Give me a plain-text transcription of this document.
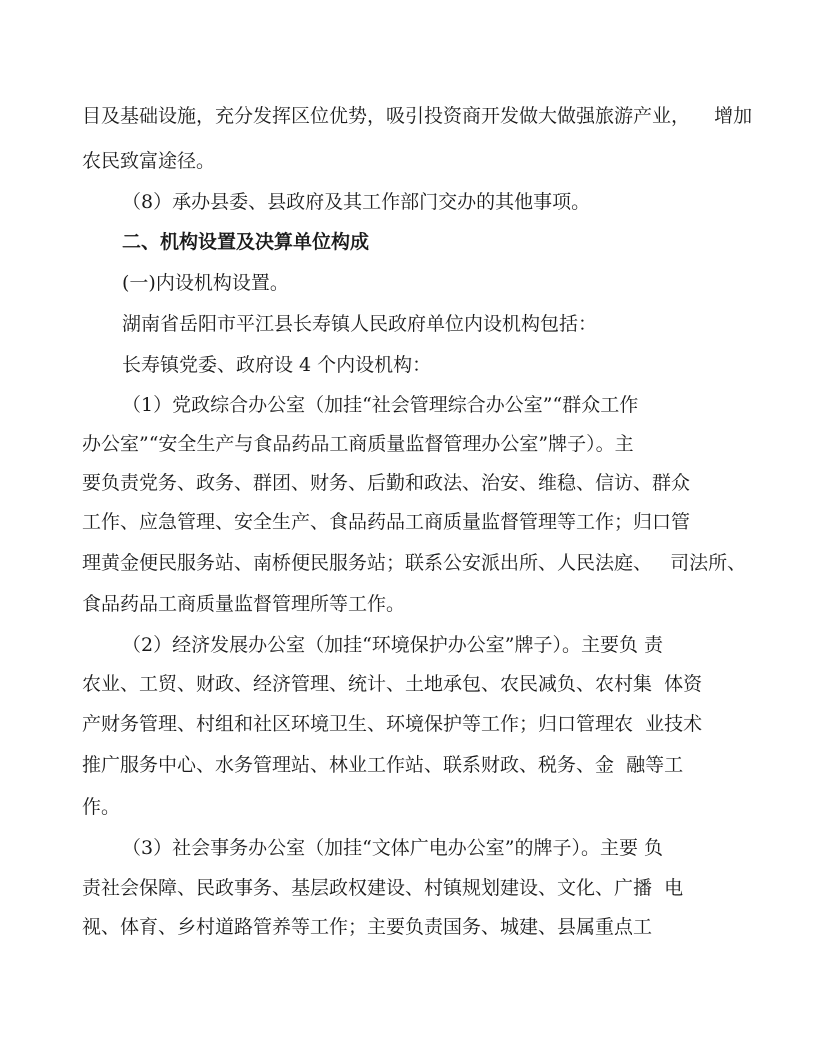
目及基础设施，充分发挥区位优势，吸引投资商开发做大做强旅游产业，    增加
农民致富途径。
（8）承办县委、县政府及其工作部门交办的其他事项。
二、机构设置及决算单位构成
(一)内设机构设置。
湖南省岳阳市平江县长寿镇人民政府单位内设机构包括：
长寿镇党委、政府设 4 个内设机构：
（1）党政综合办公室（加挂“社会管理综合办公室”“群众工作
办公室”“安全生产与食品药品工商质量监督管理办公室”牌子）。主
要负责党务、政务、群团、财务、后勤和政法、治安、维稳、信访、群众
工作、应急管理、安全生产、食品药品工商质量监督管理等工作；归口管
理黄金便民服务站、南桥便民服务站；联系公安派出所、人民法庭、   司法所、
食品药品工商质量监督管理所等工作。
（2）经济发展办公室（加挂“环境保护办公室”牌子）。主要负 责
农业、工贸、财政、经济管理、统计、土地承包、农民减负、农村集  体资
产财务管理、村组和社区环境卫生、环境保护等工作；归口管理农  业技术
推广服务中心、水务管理站、林业工作站、联系财政、税务、金  融等工
作。
（3）社会事务办公室（加挂“文体广电办公室”的牌子）。主要 负
责社会保障、民政事务、基层政权建设、村镇规划建设、文化、广播  电
视、体育、乡村道路管养等工作；主要负责国务、城建、县属重点工
